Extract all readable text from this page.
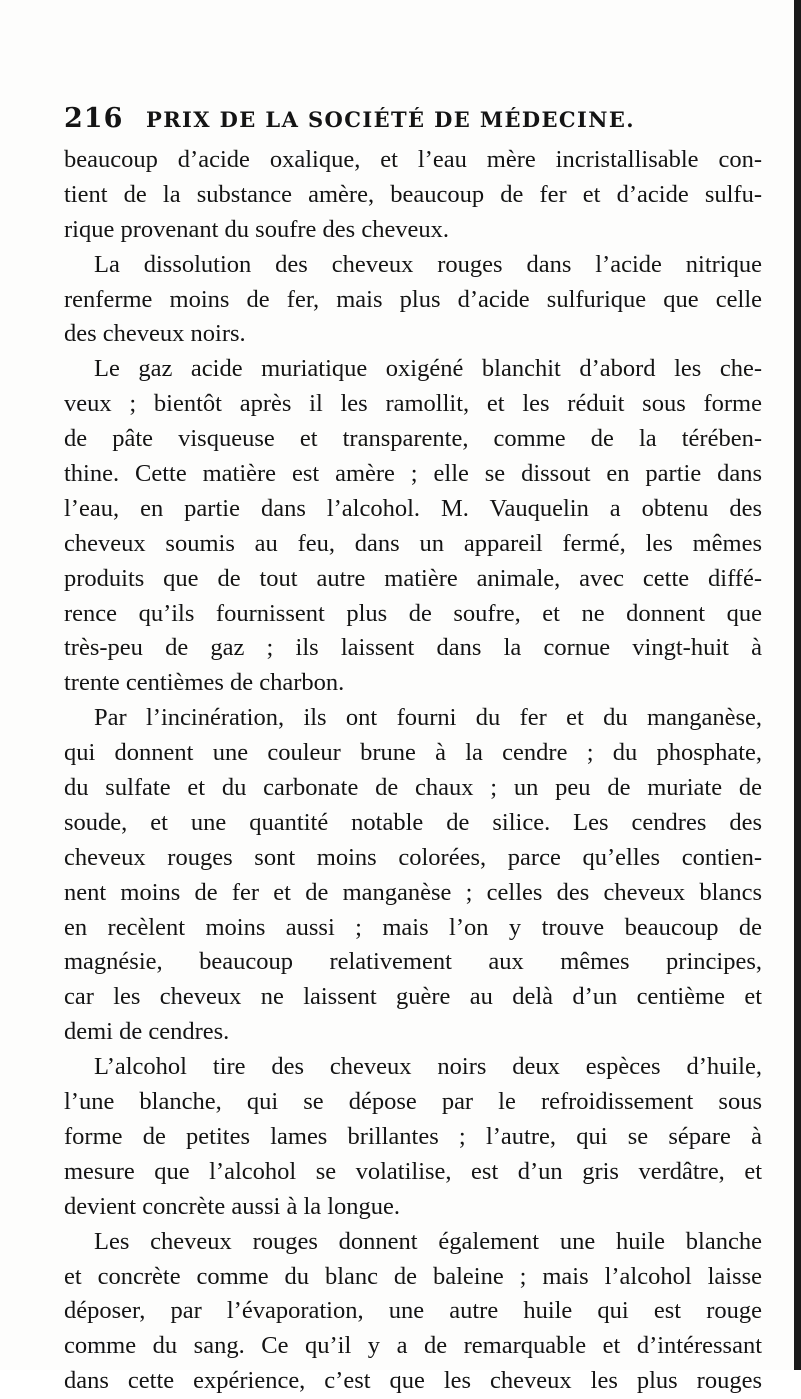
216 PRIX DE LA SOCIÉTÉ DE MÉDECINE.
beaucoup d’acide oxalique, et l’eau mère incristallisable con-
tient de la substance amère, beaucoup de fer et d’acide sulfu-
rique provenant du soufre des cheveux.
La dissolution des cheveux rouges dans l’acide nitrique
renferme moins de fer, mais plus d’acide sulfurique que celle
des cheveux noirs.
Le gaz acide muriatique oxigéné blanchit d’abord les che-
veux ; bientôt après il les ramollit, et les réduit sous forme
de pâte visqueuse et transparente, comme de la térében-
thine. Cette matière est amère ; elle se dissout en partie dans
l’eau, en partie dans l’alcohol. M. Vauquelin a obtenu des
cheveux soumis au feu, dans un appareil fermé, les mêmes
produits que de tout autre matière animale, avec cette diffé-
rence qu’ils fournissent plus de soufre, et ne donnent que
très-peu de gaz ; ils laissent dans la cornue vingt-huit à
trente centièmes de charbon.
Par l’incinération, ils ont fourni du fer et du manganèse,
qui donnent une couleur brune à la cendre ; du phosphate,
du sulfate et du carbonate de chaux ; un peu de muriate de
soude, et une quantité notable de silice. Les cendres des
cheveux rouges sont moins colorées, parce qu’elles contien-
nent moins de fer et de manganèse ; celles des cheveux blancs
en recèlent moins aussi ; mais l’on y trouve beaucoup de
magnésie, beaucoup relativement aux mêmes principes,
car les cheveux ne laissent guère au delà d’un centième et
demi de cendres.
L’alcohol tire des cheveux noirs deux espèces d’huile,
l’une blanche, qui se dépose par le refroidissement sous
forme de petites lames brillantes ; l’autre, qui se sépare à
mesure que l’alcohol se volatilise, est d’un gris verdâtre, et
devient concrète aussi à la longue.
Les cheveux rouges donnent également une huile blanche
et concrète comme du blanc de baleine ; mais l’alcohol laisse
déposer, par l’évaporation, une autre huile qui est rouge
comme du sang. Ce qu’il y a de remarquable et d’intéressant
dans cette expérience, c’est que les cheveux les plus rouges
